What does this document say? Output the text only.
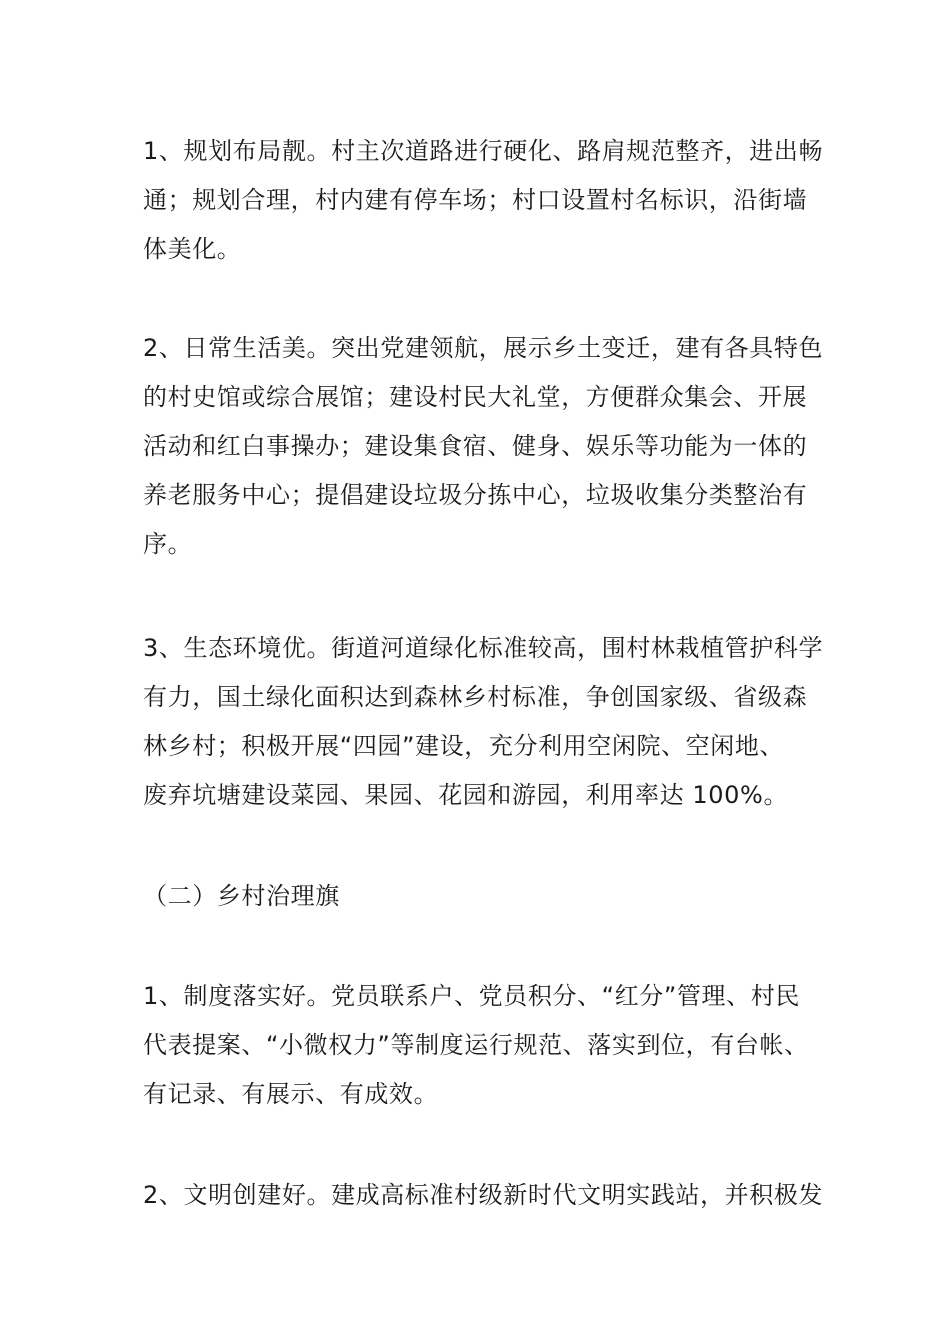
1、规划布局靓。村主次道路进行硬化、路肩规范整齐，进出畅
通；规划合理，村内建有停车场；村口设置村名标识，沿街墙
体美化。

2、日常生活美。突出党建领航，展示乡土变迁，建有各具特色
的村史馆或综合展馆；建设村民大礼堂，方便群众集会、开展
活动和红白事操办；建设集食宿、健身、娱乐等功能为一体的
养老服务中心；提倡建设垃圾分拣中心，垃圾收集分类整治有
序。

3、生态环境优。街道河道绿化标准较高，围村林栽植管护科学
有力，国土绿化面积达到森林乡村标准，争创国家级、省级森
林乡村；积极开展“四园”建设，充分利用空闲院、空闲地、
废弃坑塘建设菜园、果园、花园和游园，利用率达 100%。

（二）乡村治理旗

1、制度落实好。党员联系户、党员积分、“红分”管理、村民
代表提案、“小微权力”等制度运行规范、落实到位，有台帐、
有记录、有展示、有成效。

2、文明创建好。建成高标准村级新时代文明实践站，并积极发
